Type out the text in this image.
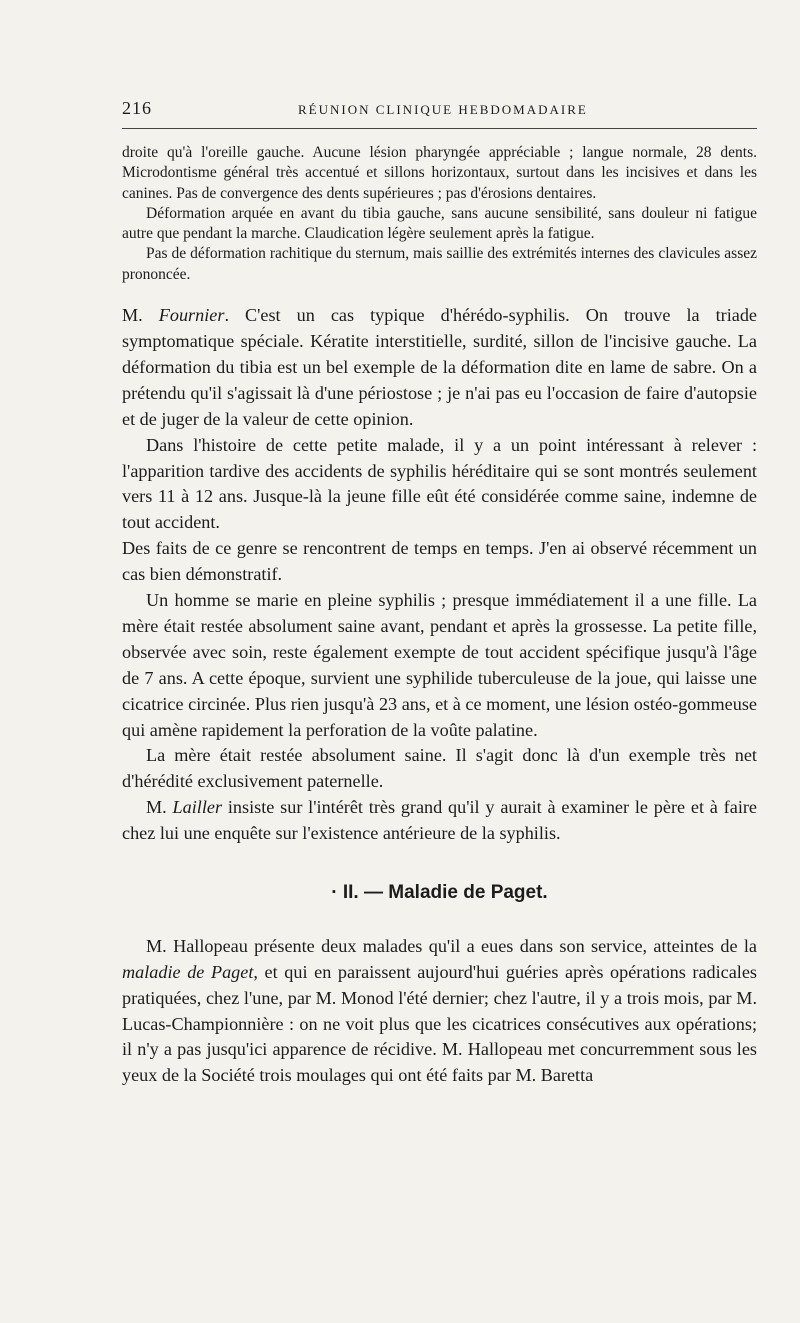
216	RÉUNION CLINIQUE HEBDOMADAIRE

droite qu'à l'oreille gauche. Aucune lésion pharyngée appréciable ; langue normale, 28 dents. Microdontisme général très accentué et sillons horizontaux, surtout dans les incisives et dans les canines. Pas de convergence des dents supérieures ; pas d'érosions dentaires.

Déformation arquée en avant du tibia gauche, sans aucune sensibilité, sans douleur ni fatigue autre que pendant la marche. Claudication légère seulement après la fatigue.

Pas de déformation rachitique du sternum, mais saillie des extrémités internes des clavicules assez prononcée.

M. Fournier. C'est un cas typique d'hérédo-syphilis. On trouve la triade symptomatique spéciale. Kératite interstitielle, surdité, sillon de l'incisive gauche. La déformation du tibia est un bel exemple de la déformation dite en lame de sabre. On a prétendu qu'il s'agissait là d'une périostose ; je n'ai pas eu l'occasion de faire d'autopsie et de juger de la valeur de cette opinion.

Dans l'histoire de cette petite malade, il y a un point intéressant à relever : l'apparition tardive des accidents de syphilis héréditaire qui se sont montrés seulement vers 11 à 12 ans. Jusque-là la jeune fille eût été considérée comme saine, indemne de tout accident.

Des faits de ce genre se rencontrent de temps en temps. J'en ai observé récemment un cas bien démonstratif.

Un homme se marie en pleine syphilis ; presque immédiatement il a une fille. La mère était restée absolument saine avant, pendant et après la grossesse. La petite fille, observée avec soin, reste également exempte de tout accident spécifique jusqu'à l'âge de 7 ans. A cette époque, survient une syphilide tuberculeuse de la joue, qui laisse une cicatrice circinée. Plus rien jusqu'à 23 ans, et à ce moment, une lésion ostéo-gommeuse qui amène rapidement la perforation de la voûte palatine.

La mère était restée absolument saine. Il s'agit donc là d'un exemple très net d'hérédité exclusivement paternelle.

M. Lailler insiste sur l'intérêt très grand qu'il y aurait à examiner le père et à faire chez lui une enquête sur l'existence antérieure de la syphilis.

· II. — Maladie de Paget.

M. Hallopeau présente deux malades qu'il a eues dans son service, atteintes de la maladie de Paget, et qui en paraissent aujourd'hui guéries après opérations radicales pratiquées, chez l'une, par M. Monod l'été dernier; chez l'autre, il y a trois mois, par M. Lucas-Championnière : on ne voit plus que les cicatrices consécutives aux opérations; il n'y a pas jusqu'ici apparence de récidive. M. Hallopeau met concurremment sous les yeux de la Société trois moulages qui ont été faits par M. Baretta
